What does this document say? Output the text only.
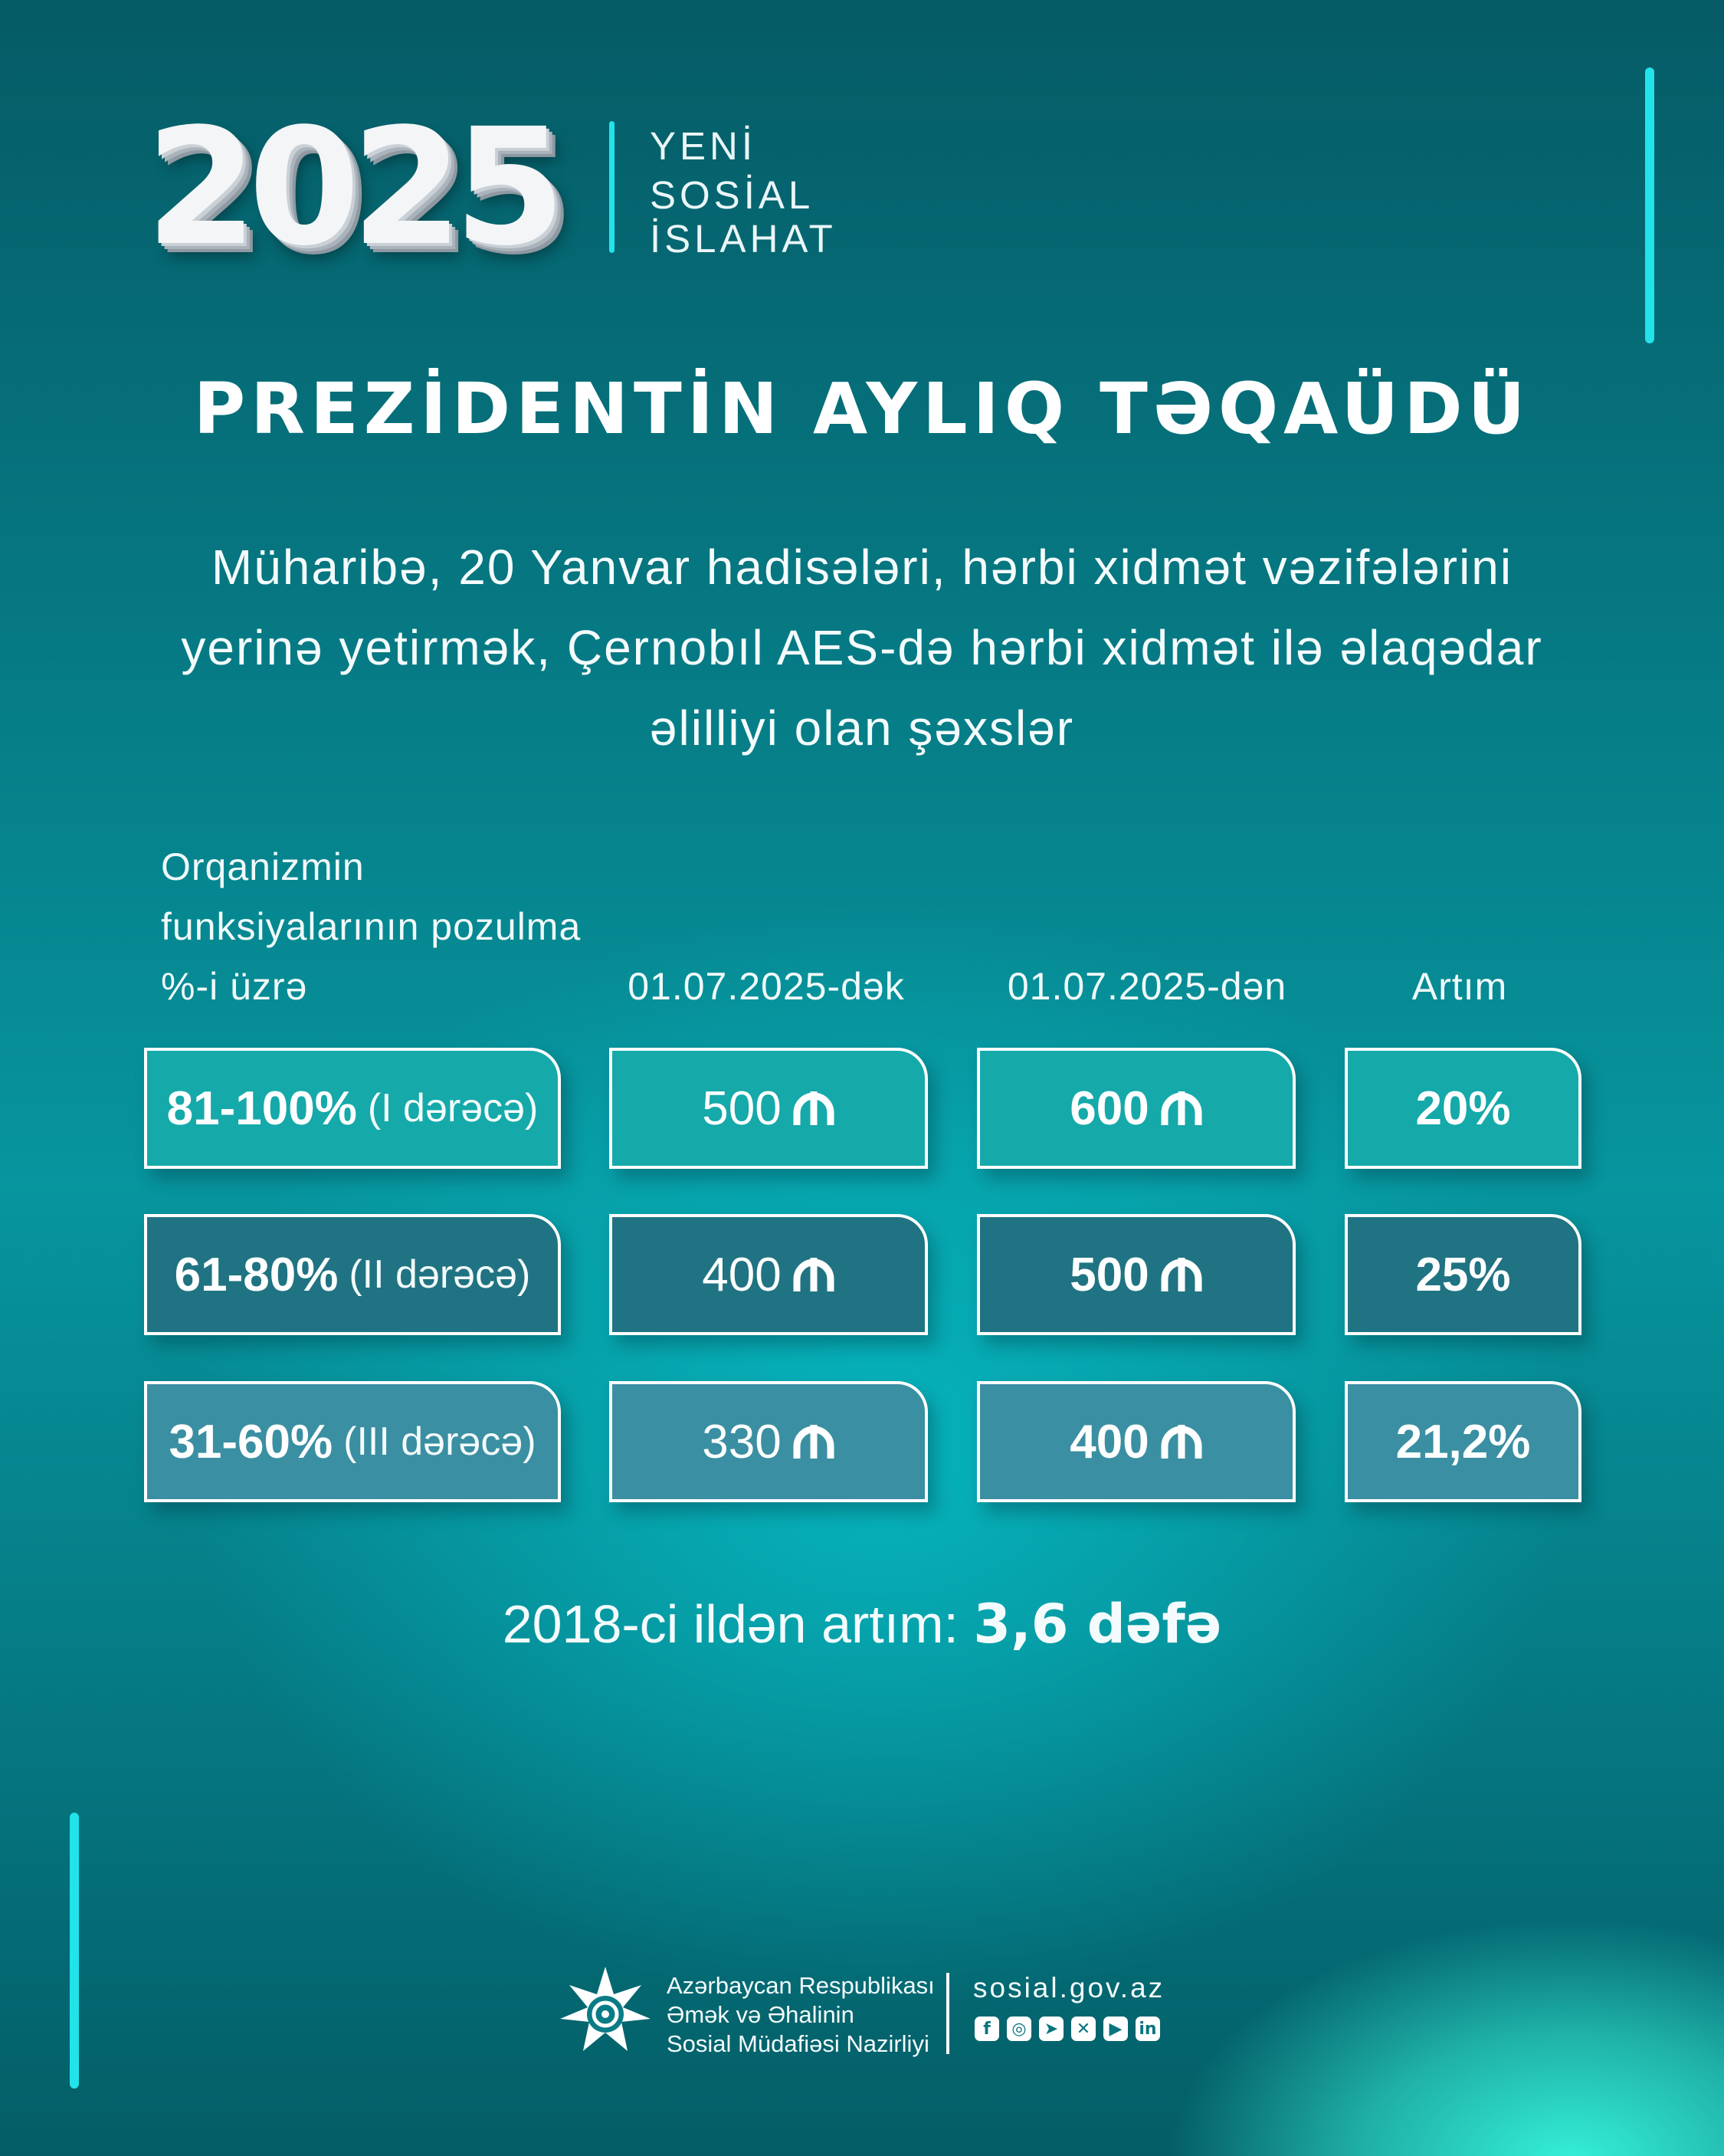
2025 YENİ
SOSİAL
İSLAHAT
PREZİDENTİN AYLIQ TƏQAÜDÜ
Müharibə, 20 Yanvar hadisələri, hərbi xidmət vəzifələrini yerinə yetirmək, Çernobıl AES-də hərbi xidmət ilə əlaqədar əlilliyi olan şəxslər
Orqanizmin funksiyalarının pozulma %-i üzrə	01.07.2025-dək	01.07.2025-dən	Artım
81-100% (I dərəcə)	500	600	20%
61-80% (II dərəcə)	400	500	25%
31-60% (III dərəcə)	330	400	21,2%
2018-ci ildən artım: 3,6 dəfə
Azərbaycan Respublikası
Əmək və Əhalinin
Sosial Müdafiəsi Nazirliyi
sosial.gov.az
f	◎	➤	✕	▶ in
